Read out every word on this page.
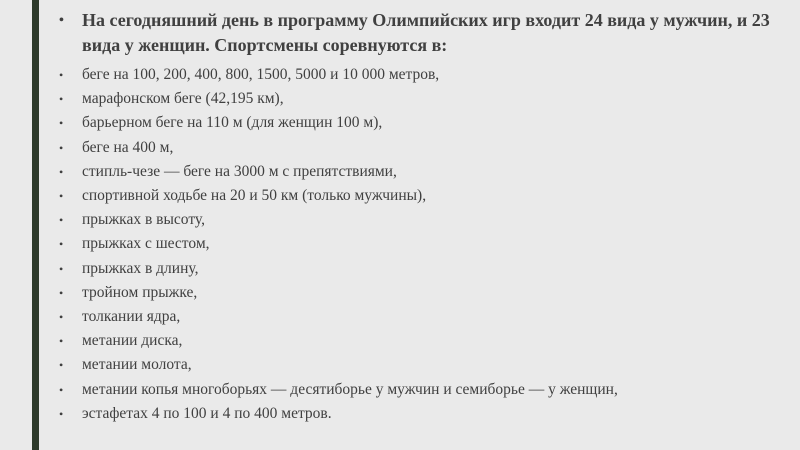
• На сегодняшний день в программу Олимпийских игр входит 24 вида у мужчин, и 23 вида у женщин. Спортсмены соревнуются в:

• беге на 100, 200, 400, 800, 1500, 5000 и 10 000 метров,
• марафонском беге (42,195 км),
• барьерном беге на 110 м (для женщин 100 м),
• беге на 400 м,
• стипль-чезе — беге на 3000 м с препятствиями,
• спортивной ходьбе на 20 и 50 км (только мужчины),
• прыжках в высоту,
• прыжках с шестом,
• прыжках в длину,
• тройном прыжке,
• толкании ядра,
• метании диска,
• метании молота,
• метании копья многоборьях — десятиборье у мужчин и семиборье — у женщин,
• эстафетах 4 по 100 и 4 по 400 метров.
